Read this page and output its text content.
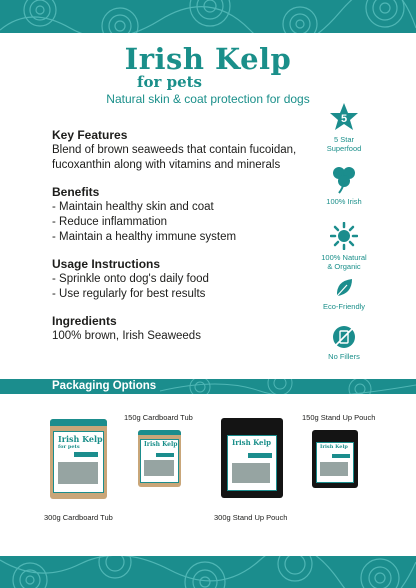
Irish Kelp
for pets
Natural skin & coat protection for dogs

Key Features

Blend of brown seaweeds that contain fucoidan, fucoxanthin along with vitamins and minerals

Benefits

- Maintain healthy skin and coat

- Reduce inflammation

- Maintain a healthy immune system

Usage Instructions

- Sprinkle onto dog's daily food

- Use regularly for best results

Ingredients

100% brown, Irish Seaweeds

5
5 Star
Superfood
100% Irish
100% Natural
& Organic
Eco-Friendly
No Fillers
Packaging Options
Irish Kelp
for pets
300g Cardboard Tub
Irish Kelp
150g Cardboard Tub
Irish Kelp
300g Stand Up Pouch
Irish Kelp
150g Stand Up Pouch
